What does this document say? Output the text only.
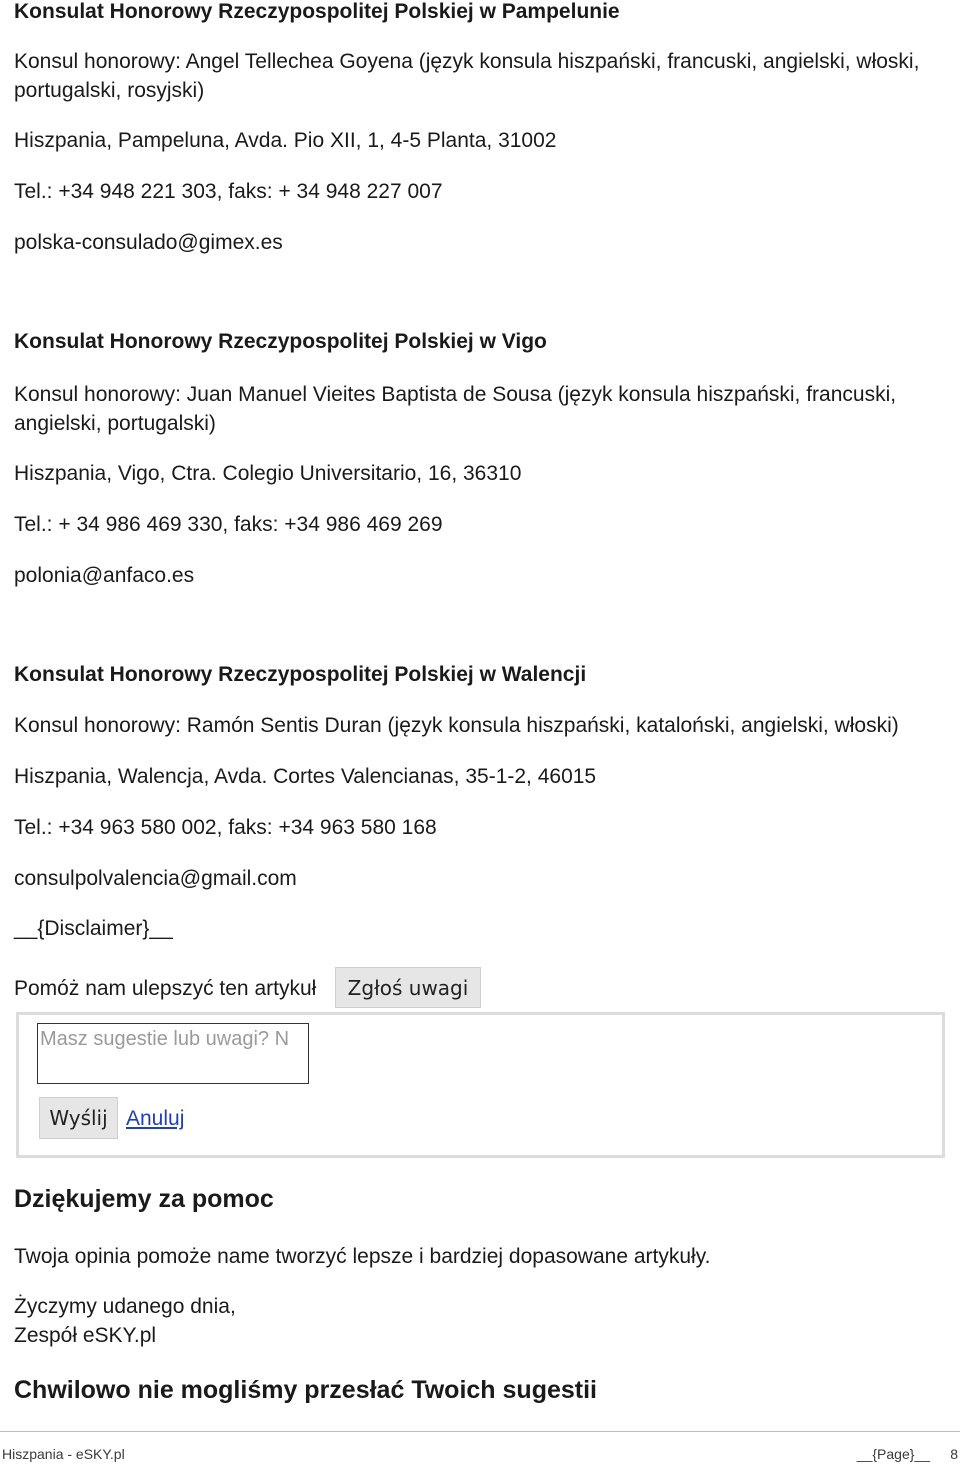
Konsulat Honorowy Rzeczypospolitej Polskiej w Pampelunie
Konsul honorowy: Angel Tellechea Goyena (język konsula hiszpański, francuski, angielski, włoski, portugalski, rosyjski)
Hiszpania, Pampeluna, Avda. Pio XII, 1, 4-5 Planta, 31002
Tel.: +34 948 221 303, faks: + 34 948 227 007
polska-consulado@gimex.es
Konsulat Honorowy Rzeczypospolitej Polskiej w Vigo
Konsul honorowy: Juan Manuel Vieites Baptista de Sousa (język konsula hiszpański, francuski, angielski, portugalski)
Hiszpania, Vigo, Ctra. Colegio Universitario, 16, 36310
Tel.: + 34 986 469 330, faks: +34 986 469 269
polonia@anfaco.es
Konsulat Honorowy Rzeczypospolitej Polskiej w Walencji
Konsul honorowy: Ramón Sentis Duran (język konsula hiszpański, kataloński, angielski, włoski)
Hiszpania, Walencja, Avda. Cortes Valencianas, 35-1-2, 46015
Tel.: +34 963 580 002, faks: +34 963 580 168
consulpolvalencia@gmail.com
__{Disclaimer}__
Pomóż nam ulepszyć ten artykuł	Zgłoś uwagi
Masz sugestie lub uwagi? N
Wyślij Anuluj
Dziękujemy za pomoc
Twoja opinia pomoże name tworzyć lepsze i bardziej dopasowane artykuły.
Życzymy udanego dnia,
Zespół eSKY.pl
Chwilowo nie mogliśmy przesłać Twoich sugestii
Hiszpania - eSKY.pl	__{Page}__ 8
